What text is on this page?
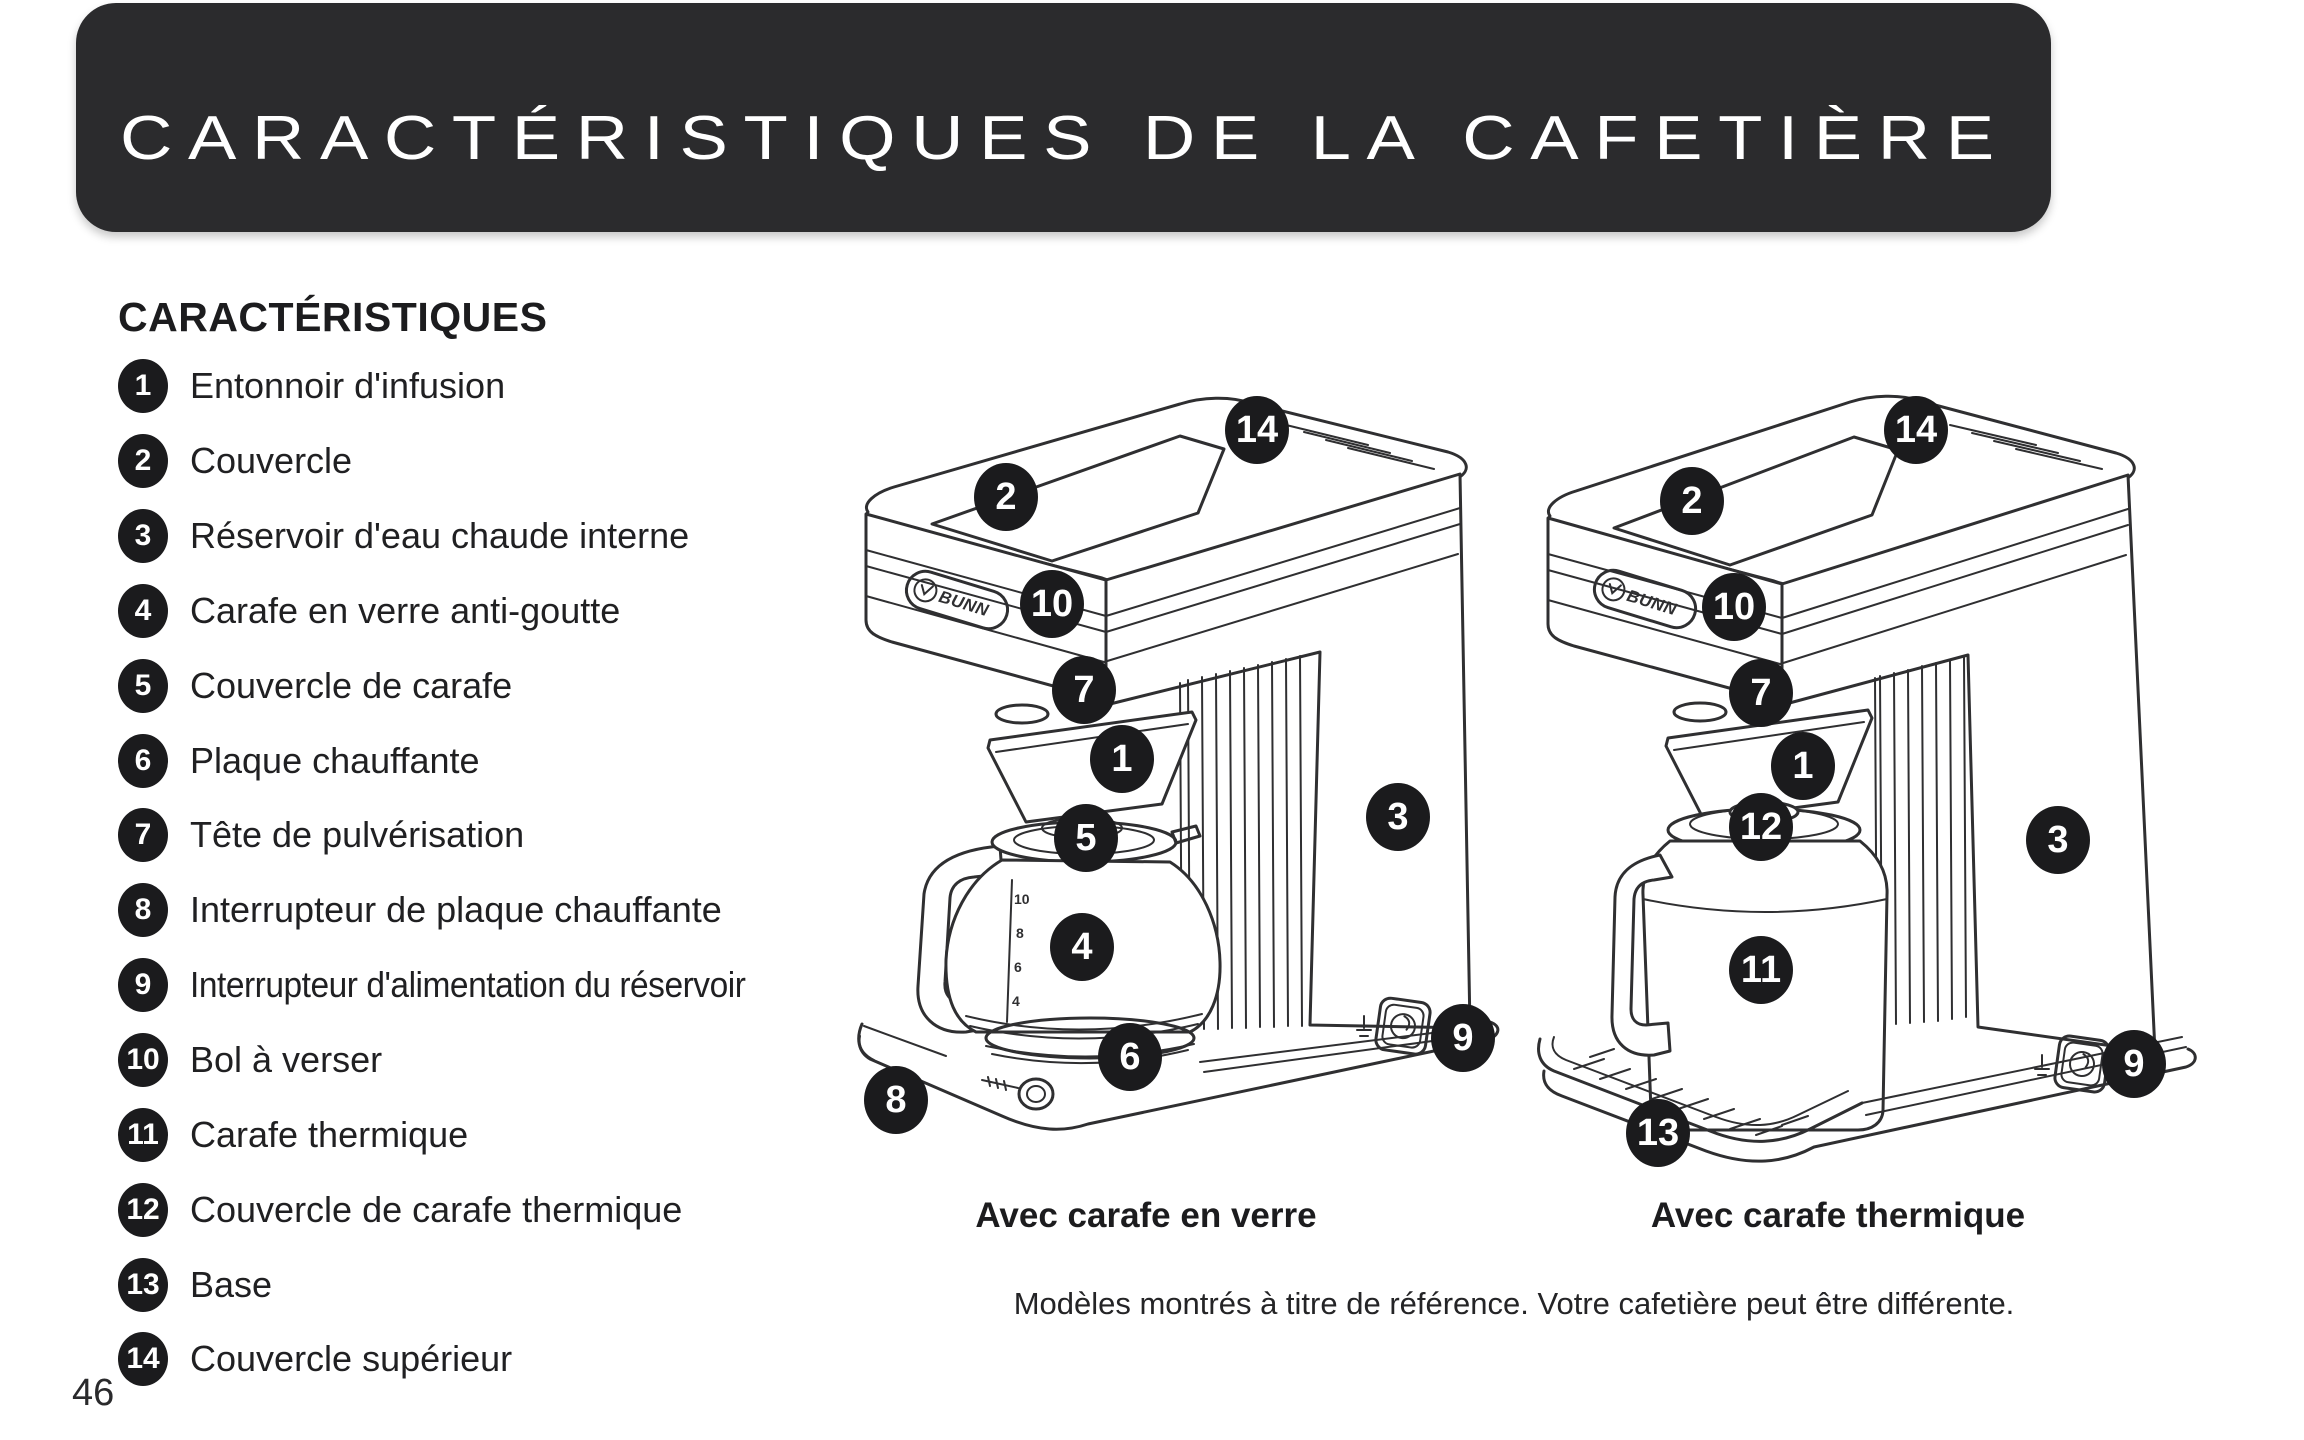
CARACTÉRISTIQUES DE LA CAFETIÈRE
CARACTÉRISTIQUES
1	Entonnoir d'infusion
2	Couvercle
3	Réservoir d'eau chaude interne
4	Carafe en verre anti-goutte
5	Couvercle de carafe
6	Plaque chauffante
7	Tête de pulvérisation
8	Interrupteur de plaque chauffante
9	Interrupteur d'alimentation du réservoir
10 Bol à verser
11 Carafe thermique
12 Couvercle de carafe thermique
13 Base
14 Couvercle supérieur
10
8
6
4
BUNN
14
2
10
7
1
5
4
3
6	9
8
BUNN
14
2
10
7
1
12	3
11
9
13
Avec carafe en verre	Avec carafe thermique
Modèles montrés à titre de référence. Votre cafetière peut être différente.
46
